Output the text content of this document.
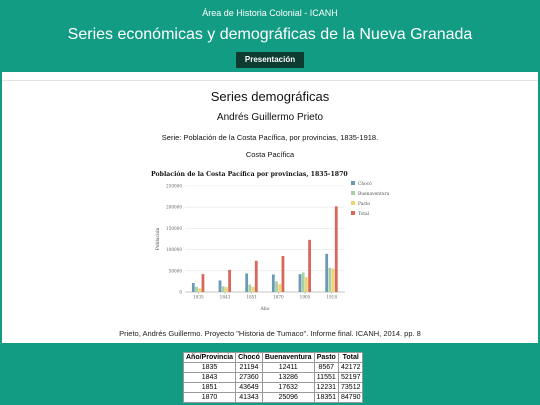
Área de Historia Colonial - ICANH
Series económicas y demográficas de la Nueva Granada
Presentación
Series demográficas
Andrés Guillermo Prieto
Serie: Población de la Costa Pacífica, por provincias, 1835-1918.
Costa Pacífica
Población de la Costa Pacífica por provincias, 1835-1870
0
50000
100000
150000
200000
250000
1835	1843	1851	1870	1905	1918
Año
Población
Chocó
Buenaventura
Pasto
Total
Prieto, Andrés Guillermo. Proyecto "Historia de Tumaco". Informe final. ICANH, 2014. pp. 8
Año/Provincia	Chocó	Buenaventura	Pasto	Total
1835	21194	12411	8567	42172
1843	27360	13286	11551	52197
1851	43649	17632	12231	73512
1870	41343	25096	18351	84790
